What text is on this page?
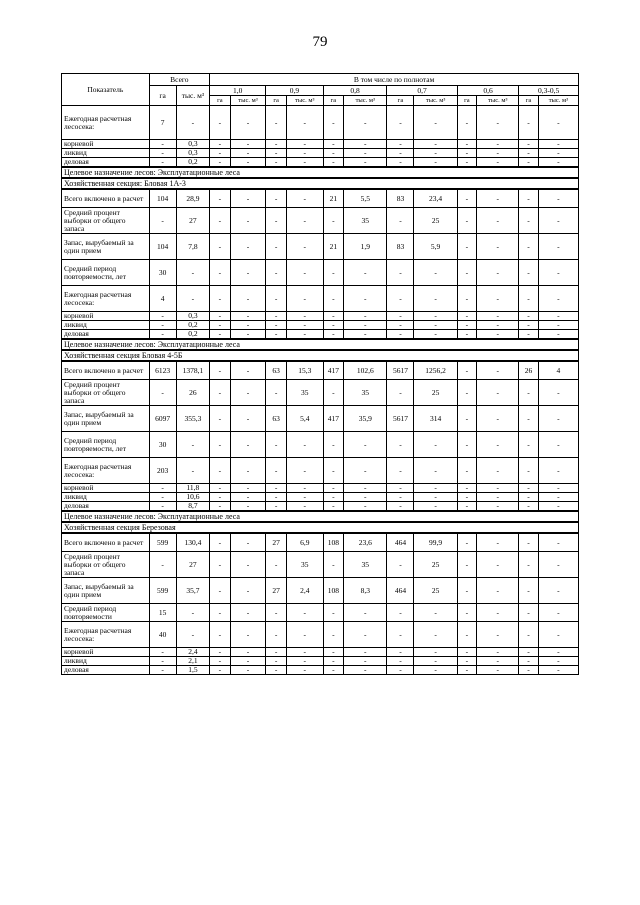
79
Показатель	Всего		В том числе по полнотам											
	га	тыс. м³	1,0		0,9		0,8		0,7		0,6		0,3-0,5	
			га	тыс. м³	га	тыс. м³	га	тыс. м³	га	тыс. м³	га	тыс. м³	га	тыс. м³
Ежегодная расчетная лесосека:	7	-	-	-	-	-	-	-	-	-	-	-	-	-
корневой	-	0,3	-	-	-	-	-	-	-	-	-	-	-	-
ликвид	-	0,3	-	-	-	-	-	-	-	-	-	-	-	-
деловая	-	0,2	-	-	-	-	-	-	-	-	-	-	-	-
Целевое назначение лесов: Эксплуатационные леса														
Хозяйственная секция: Бловая 1А-3														
Всего включено в расчет	104	28,9	-	-	-	-	21	5,5	83	23,4	-	-	-	-
Средний процент выборки от общего запаса	-	27	-	-	-	-	-	35	-	25	-	-	-	-
Запас, вырубаемый за один прием	104	7,8	-	-	-	-	21	1,9	83	5,9	-	-	-	-
Средний период повторяемости, лет	30	-	-	-	-	-	-	-	-	-	-	-	-	-
Ежегодная расчетная лесосека:	4	-	-	-	-	-	-	-	-	-	-	-	-	-
корневой	-	0,3	-	-	-	-	-	-	-	-	-	-	-	-
ликвид	-	0,2	-	-	-	-	-	-	-	-	-	-	-	-
деловая	-	0,2	-	-	-	-	-	-	-	-	-	-	-	-
Целевое назначение лесов: Эксплуатационные леса														
Хозяйственная секция Бловая 4-5Б														
Всего включено в расчет	6123	1378,1	-	-	63	15,3	417	102,6	5617	1256,2	-	-	26	4
Средний процент выборки от общего запаса	-	26	-	-	-	35	-	35	-	25	-	-	-	-
Запас, вырубаемый за один прием	6097	355,3	-	-	63	5,4	417	35,9	5617	314	-	-	-	-
Средний период повторяемости, лет	30	-	-	-	-	-	-	-	-	-	-	-	-	-
Ежегодная расчетная лесосека:	203	-	-	-	-	-	-	-	-	-	-	-	-	-
корневой	-	11,8	-	-	-	-	-	-	-	-	-	-	-	-
ликвид	-	10,6	-	-	-	-	-	-	-	-	-	-	-	-
деловая	-	8,7	-	-	-	-	-	-	-	-	-	-	-	-
Целевое назначение лесов: Эксплуатационные леса														
Хозяйственная секция Березовая														
Всего включено в расчет	599	130,4	-	-	27	6,9	108	23,6	464	99,9	-	-	-	-
Средний процент выборки от общего запаса	-	27	-	-	-	35	-	35	-	25	-	-	-	-
Запас, вырубаемый за один прием	599	35,7	-	-	27	2,4	108	8,3	464	25	-	-	-	-
Средний период повторяемости	15	-	-	-	-	-	-	-	-	-	-	-	-	-
Ежегодная расчетная лесосека:	40	-	-	-	-	-	-	-	-	-	-	-	-	-
корневой	-	2,4	-	-	-	-	-	-	-	-	-	-	-	-
ликвид	-	2,1	-	-	-	-	-	-	-	-	-	-	-	-
деловая	-	1,5	-	-	-	-	-	-	-	-	-	-	-	-
